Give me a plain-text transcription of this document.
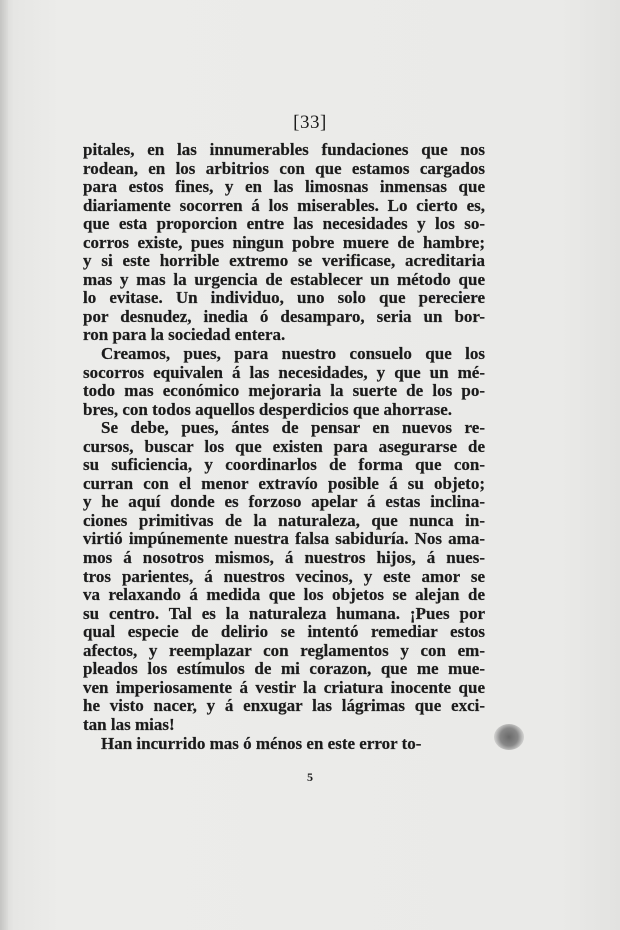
[33]
pitales, en las innumerables fundaciones que nos
rodean, en los arbitrios con que estamos cargados
para estos fines, y en las limosnas inmensas que
diariamente socorren á los miserables. Lo cierto es,
que esta proporcion entre las necesidades y los so-
corros existe, pues ningun pobre muere de hambre;
y si este horrible extremo se verificase, acreditaria
mas y mas la urgencia de establecer un método que
lo evitase. Un individuo, uno solo que pereciere
por desnudez, inedia ó desamparo, seria un bor-
ron para la sociedad entera.
Creamos, pues, para nuestro consuelo que los
socorros equivalen á las necesidades, y que un mé-
todo mas económico mejoraria la suerte de los po-
bres, con todos aquellos desperdicios que ahorrase.
Se debe, pues, ántes de pensar en nuevos re-
cursos, buscar los que existen para asegurarse de
su suficiencia, y coordinarlos de forma que con-
curran con el menor extravío posible á su objeto;
y he aquí donde es forzoso apelar á estas inclina-
ciones primitivas de la naturaleza, que nunca in-
virtió impúnemente nuestra falsa sabiduría. Nos ama-
mos á nosotros mismos, á nuestros hijos, á nues-
tros parientes, á nuestros vecinos, y este amor se
va relaxando á medida que los objetos se alejan de
su centro. Tal es la naturaleza humana. ¡Pues por
qual especie de delirio se intentó remediar estos
afectos, y reemplazar con reglamentos y con em-
pleados los estímulos de mi corazon, que me mue-
ven imperiosamente á vestir la criatura inocente que
he visto nacer, y á enxugar las lágrimas que exci-
tan las mias!
Han incurrido mas ó ménos en este error to-
5
